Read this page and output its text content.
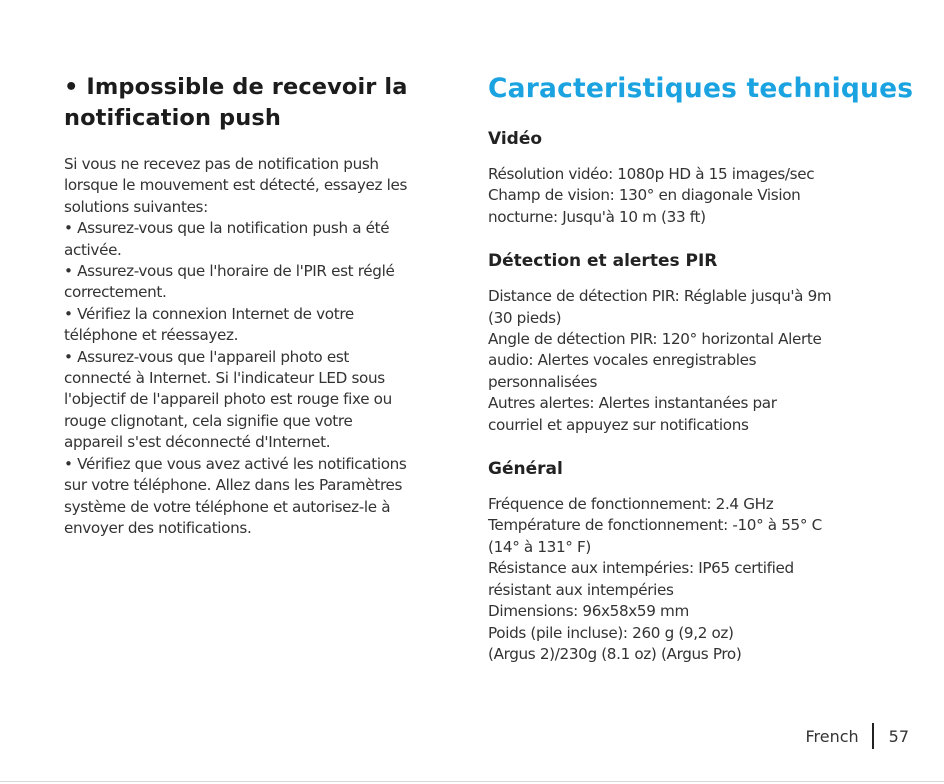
• Impossible de recevoir la notification push

Si vous ne recevez pas de notification push

lorsque le mouvement est détecté, essayez les

solutions suivantes:

• Assurez-vous que la notification push a été

activée.

• Assurez-vous que l'horaire de l'PIR est réglé

correctement.

• Vérifiez la connexion Internet de votre

téléphone et réessayez.

• Assurez-vous que l'appareil photo est

connecté à Internet. Si l'indicateur LED sous

l'objectif de l'appareil photo est rouge fixe ou

rouge clignotant, cela signifie que votre

appareil s'est déconnecté d'Internet.

• Vérifiez que vous avez activé les notifications

sur votre téléphone. Allez dans les Paramètres

système de votre téléphone et autorisez-le à

envoyer des notifications.

Caracteristiques techniques
Vidéo

Résolution vidéo: 1080p HD à 15 images/sec

Champ de vision: 130° en diagonale Vision

nocturne: Jusqu'à 10 m (33 ft)

Détection et alertes PIR

Distance de détection PIR: Réglable jusqu'à 9m

(30 pieds)

Angle de détection PIR: 120° horizontal Alerte

audio: Alertes vocales enregistrables

personnalisées

Autres alertes: Alertes instantanées par

courriel et appuyez sur notifications

Général

Fréquence de fonctionnement: 2.4 GHz

Température de fonctionnement: -10° à 55° C

(14° à 131° F)

Résistance aux intempéries: IP65 certified

résistant aux intempéries

Dimensions: 96x58x59 mm

Poids (pile incluse): 260 g (9,2 oz)

(Argus 2)/230g (8.1 oz) (Argus Pro)

French 57
